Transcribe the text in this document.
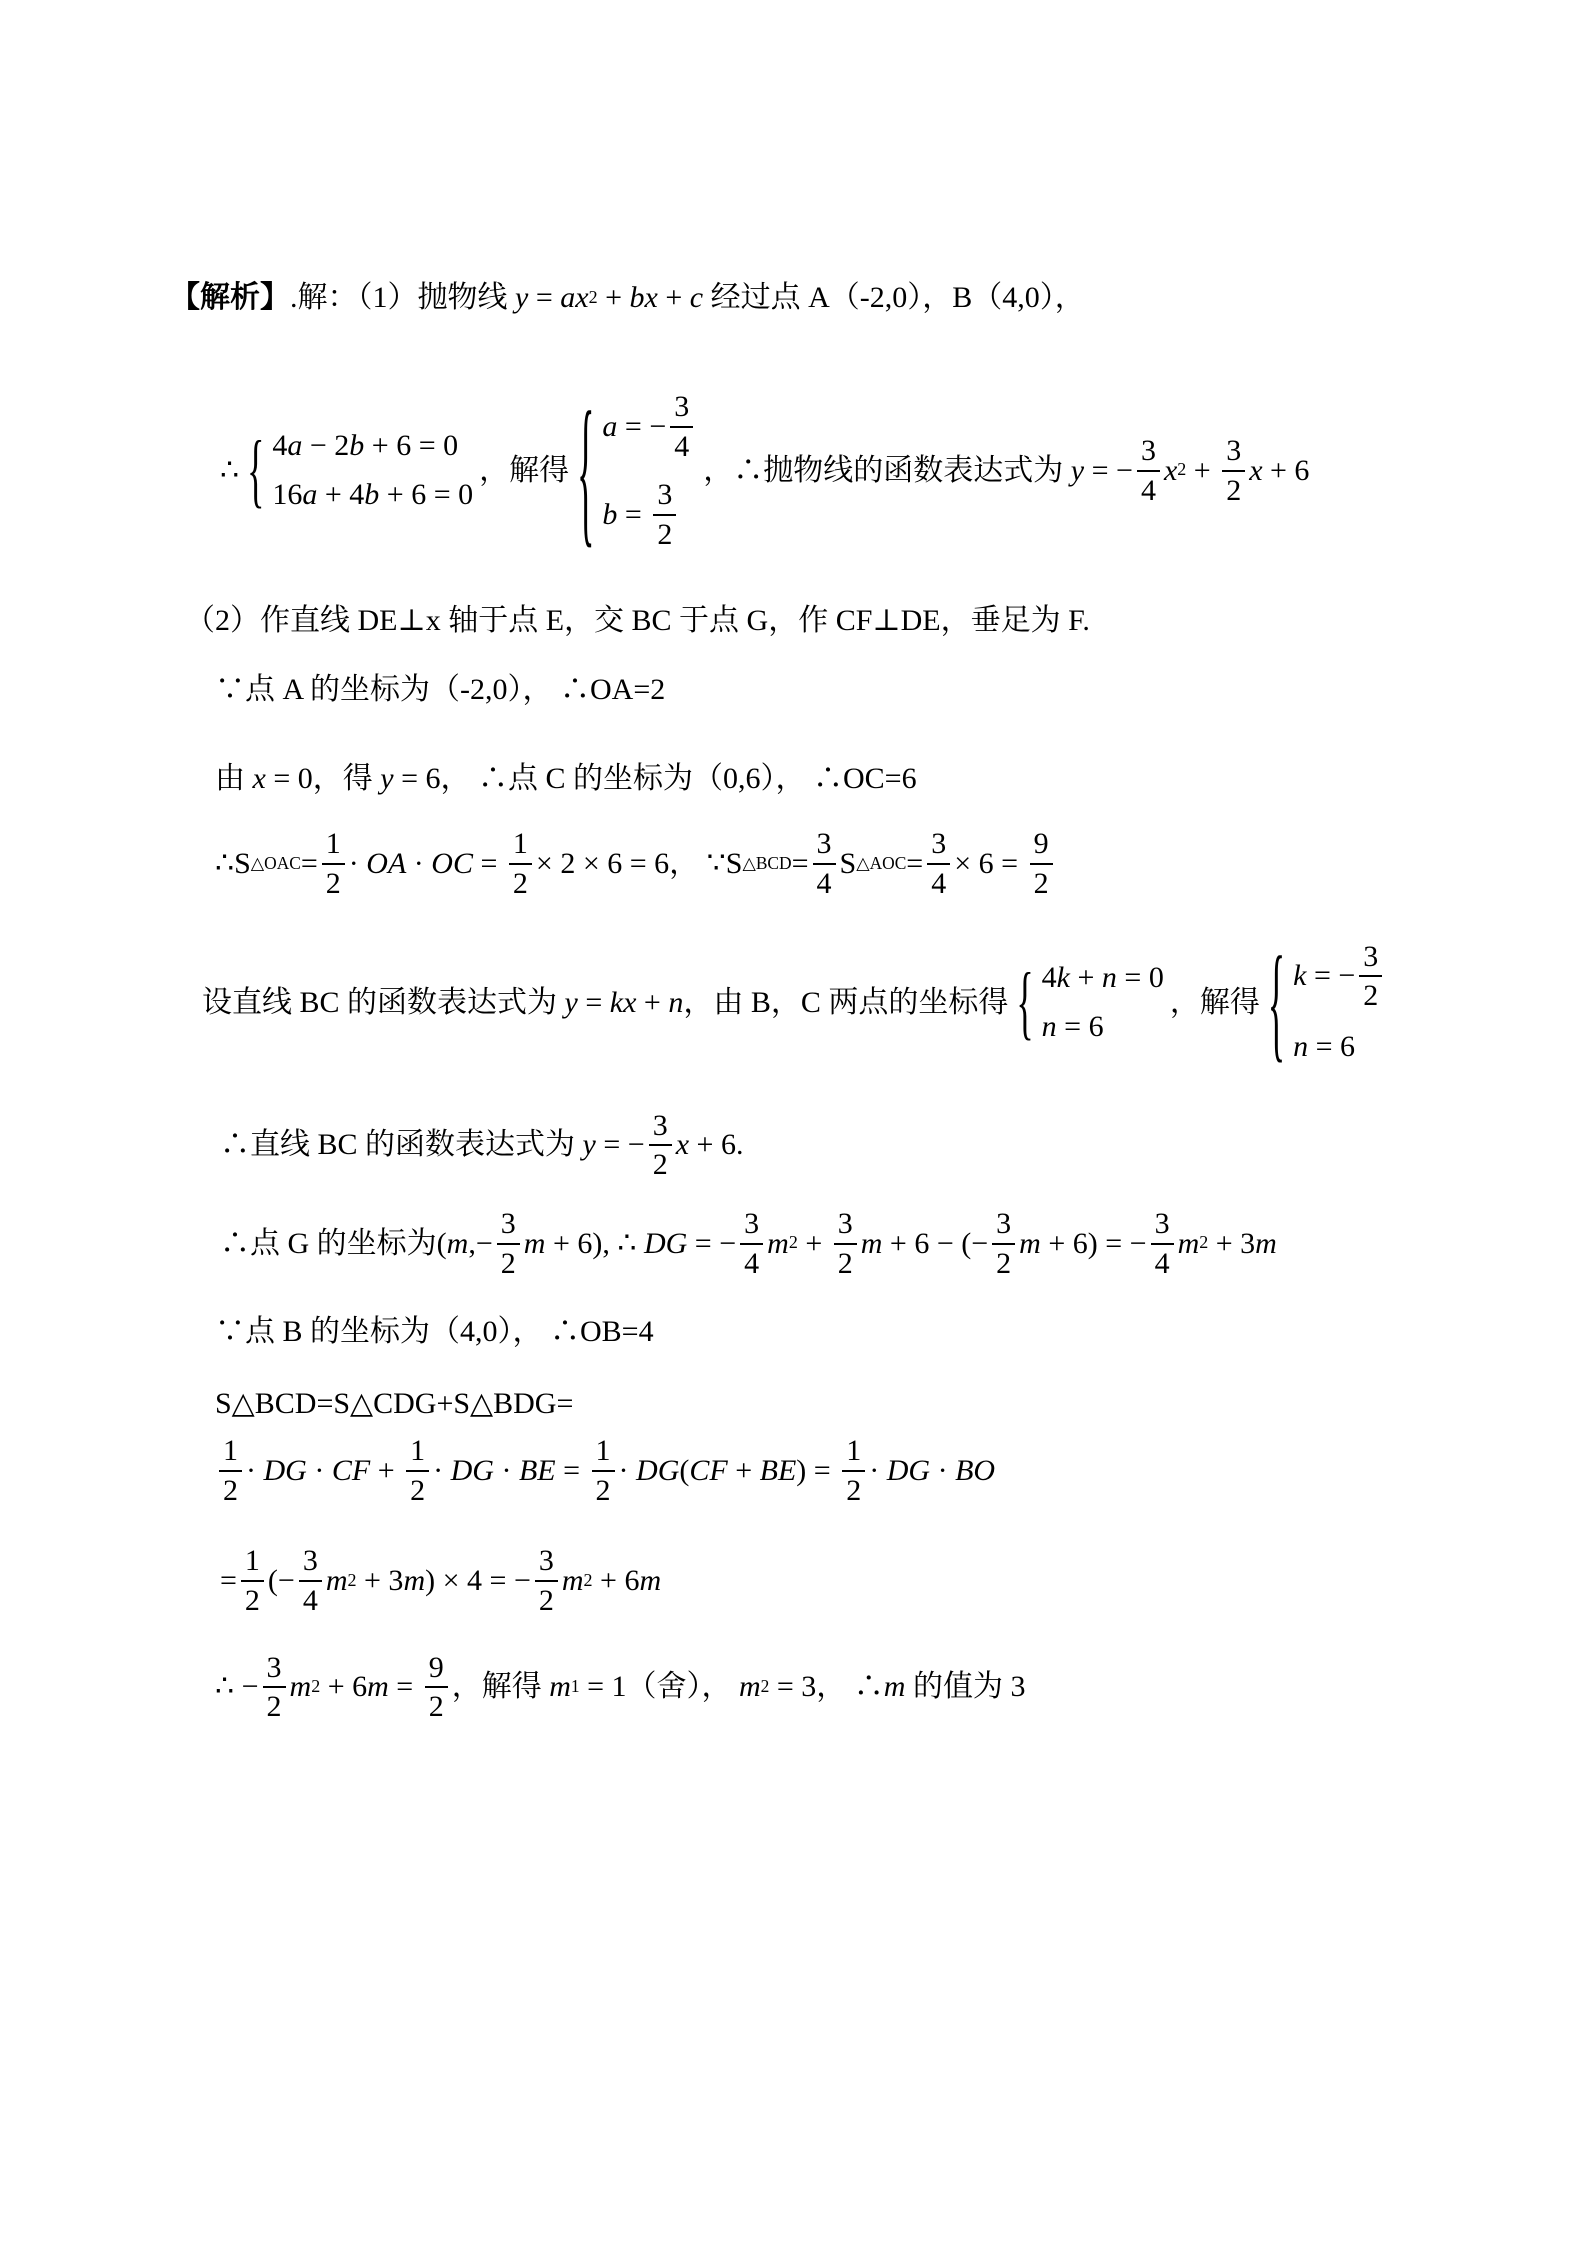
【解析】 .解：（1）抛物线 y = ax 2 + bx + c 经过点 A（-2,0），B（4,0），
∴ { 4a − 2b + 6 = 0
16a + 4b + 6 = 0
，解得 { a = − $\frac{3}{4}$
$b = \frac{3}{2}$
，∴抛物线的函数表达式为 y = − $\frac{3}{4}$ x $2 + \frac{3}{2}$ x + 6
（2）作直线 DE⊥x 轴于点 E，交 BC 于点 G，作 CF⊥DE，垂足为 F.
∵点 A 的坐标为（-2,0）， ∴OA=2
由 x = 0 ，得 y = 6 ， ∴点 C 的坐标为（0,6）， ∴OC=6
∴S △OAC = $\frac{1}{2}$ · OA · OC = $\frac{1}{2} \times 2 \times 6 = 6$， ∵S △BCD = $\frac{3}{4}$ S △AOC = $\frac{3}{4} \times 6 = \frac{9}{2}$
设直线 BC 的函数表达式为 y = kx + n ，由 B，C 两点的坐标得 { 4k + n = 0
n = 6
，解得 { k = − $\frac{3}{2}$
n = 6
∴直线 BC 的函数表达式为 y = − $\frac{3}{2}$ x + 6.
∴点 G 的坐标为 ($m,- \frac{3}{2}$ m + 6), ∴ DG = − $\frac{3}{4}$ m $2 + \frac{3}{2}$ m + 6 − (− $\frac{3}{2}$ m + 6) = − $\frac{3}{4}$ m 2 + 3m
∵点 B 的坐标为（4,0）， ∴OB=4
S△BCD=S△CDG+S△BDG=
$\frac{1}{2}$ · DG · CF + $\frac{1}{2}$ · DG · BE = $\frac{1}{2} \cdot DG(CF + BE) = \frac{1}{2}$ · DG · BO
= $\frac{1}{2}$ (− $\frac{3}{4}$ m 2 + 3m) × 4 = − $\frac{3}{2}$ m 2 + 6m
∴ − $\frac{3}{2}$ m $2 + 6m = \frac{9}{2}$ ，解得 m 1 = 1 （舍）， m 2 = 3 ， ∴ m 的值为 3
